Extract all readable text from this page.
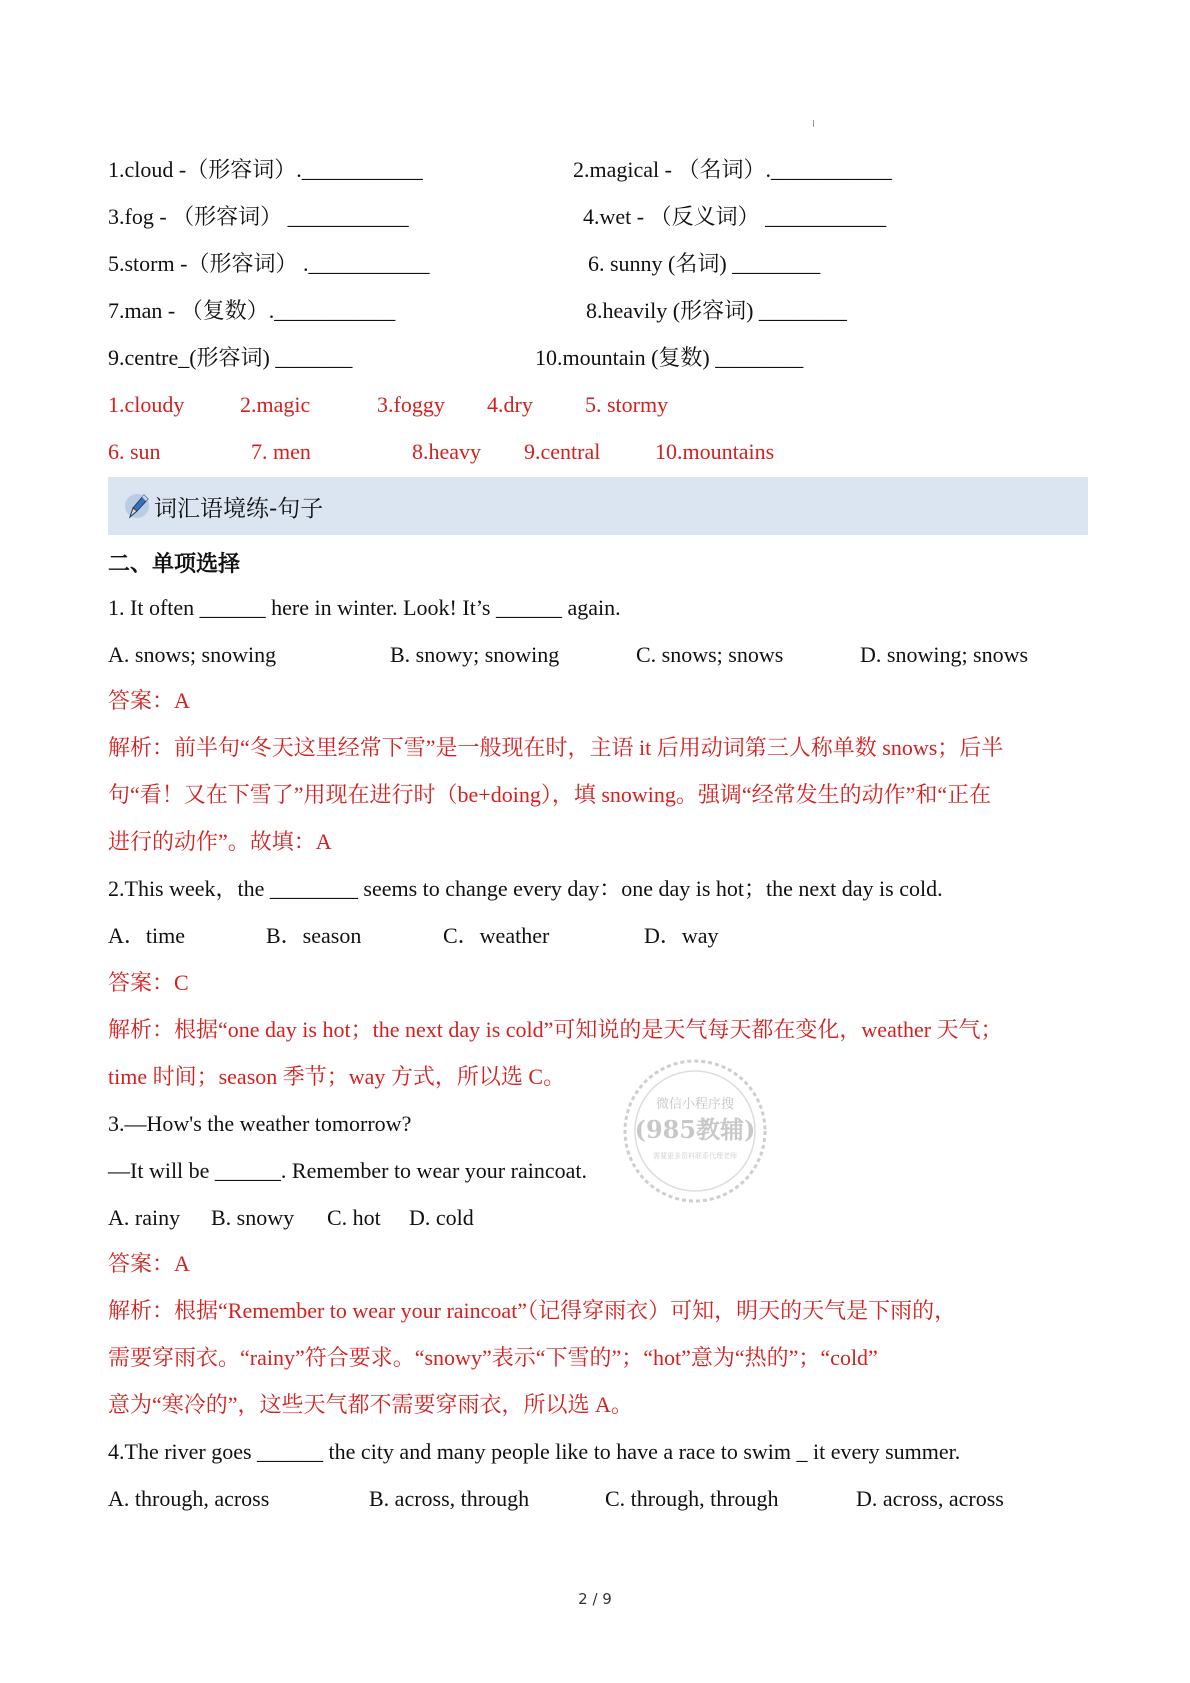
1.cloud -（形容词）.___________	2.magical - （名词）.___________
3.fog - （形容词） ___________	4.wet - （反义词） ___________
5.storm -（形容词） .___________	6. sunny (名词) ________
7.man - （复数）.___________	8.heavily (形容词) ________
9.centre_(形容词) _______	10.mountain (复数) ________
1.cloudy	2.magic	3.foggy 4.dry 5. stormy
6. sun	7. men	8.heavy 9.central 10.mountains
词汇语境练-句子
二、单项选择
1. It often ______ here in winter. Look! It’s ______ again.
A. snows; snowing	B. snowy; snowing	C. snows; snows	D. snowing; snows
答案：A
解析：前半句“冬天这里经常下雪”是一般现在时，主语 it 后用动词第三人称单数 snows；后半
句“看！又在下雪了”用现在进行时（be+doing），填 snowing。强调“经常发生的动作”和“正在
进行的动作”。故填：A
2.This week，the ________ seems to change every day：one day is hot；the next day is cold.
A．time	B．season	C．weather	D．way
答案：C
解析：根据“one day is hot；the next day is cold”可知说的是天气每天都在变化，weather 天气；
time 时间；season 季节；way 方式，所以选 C。
3.—How's the weather tomorrow?
—It will be ______. Remember to wear your raincoat.
A. rainy B. snowy C. hot D. cold
答案：A
解析：根据“Remember to wear your raincoat”（记得穿雨衣）可知，明天的天气是下雨的，
需要穿雨衣。“rainy”符合要求。“snowy”表示“下雪的”；“hot”意为“热的”；“cold”
意为“寒冷的”，这些天气都不需要穿雨衣，所以选 A。
4.The river goes ______ the city and many people like to have a race to swim _ it every summer.
A. through, across	B. across, through	C. through, through	D. across, across
微信小程序搜
(985教辅)
需要更多资料联系代理老师
2 / 9
